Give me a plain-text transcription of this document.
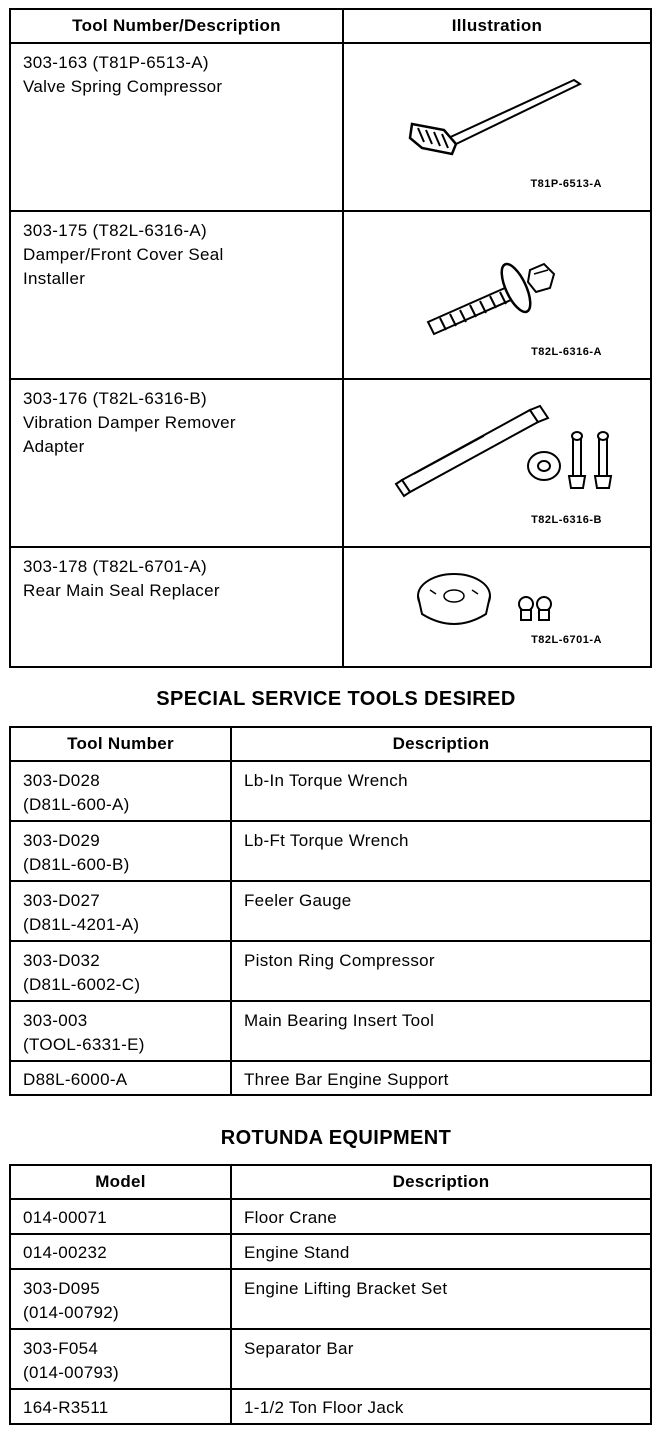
Tool Number/Description	Illustration

303-163 (T81P-6513-A)
Valve Spring Compressor	T81P-6513-A

303-175 (T82L-6316-A)
Damper/Front Cover Seal
Installer	T82L-6316-A

303-176 (T82L-6316-B)
Vibration Damper Remover
Adapter	T82L-6316-B

303-178 (T82L-6701-A)
Rear Main Seal Replacer	T82L-6701-A
SPECIAL SERVICE TOOLS DESIRED
Tool Number	Description

303-D028
(D81L-600-A)	Lb-In Torque Wrench

303-D029
(D81L-600-B)	Lb-Ft Torque Wrench

303-D027
(D81L-4201-A)	Feeler Gauge

303-D032
(D81L-6002-C)	Piston Ring Compressor

303-003
(TOOL-6331-E)	Main Bearing Insert Tool

D88L-6000-A	Three Bar Engine Support
ROTUNDA EQUIPMENT
Model	Description

014-00071	Floor Crane

014-00232	Engine Stand

303-D095
(014-00792)	Engine Lifting Bracket Set

303-F054
(014-00793)	Separator Bar

164-R3511	1-1/2 Ton Floor Jack
